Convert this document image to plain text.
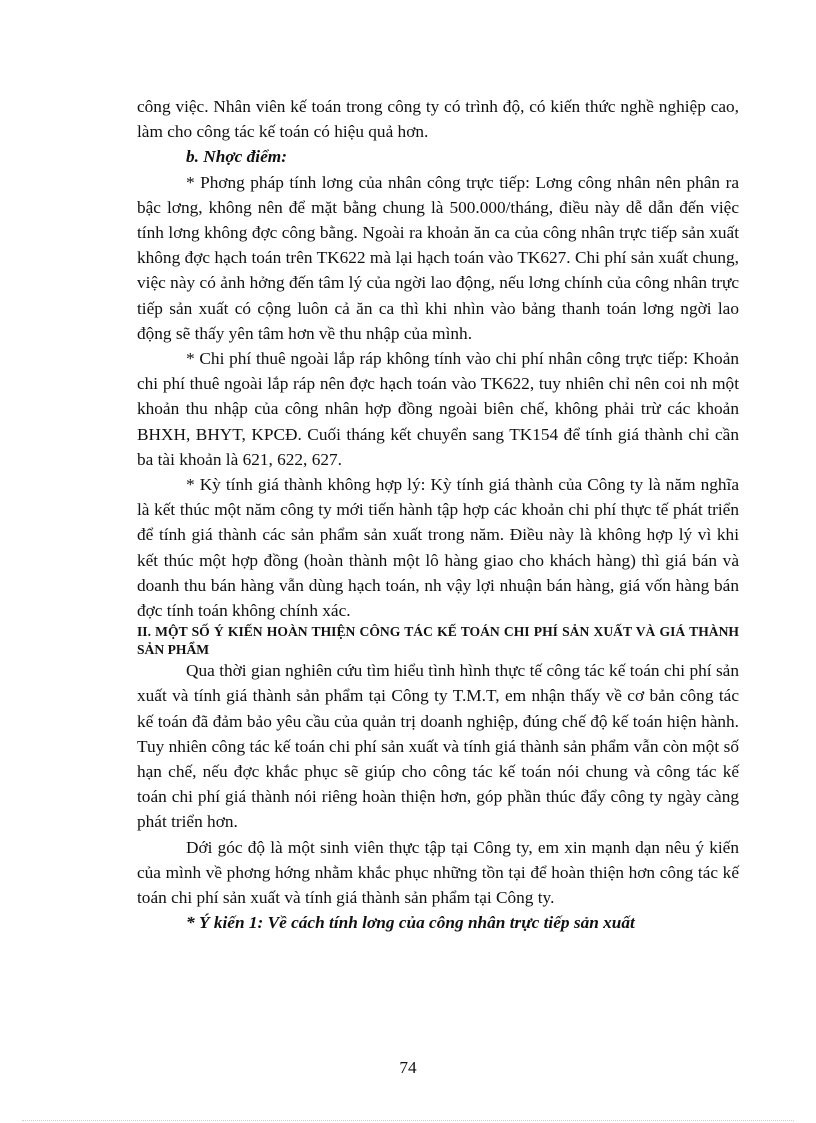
công việc. Nhân viên kế toán trong công ty có trình độ, có kiến thức nghề nghiệp cao, làm cho công tác kế toán có hiệu quả hơn.

b. Nhợc điểm:

* Phơng pháp tính lơng của nhân công trực tiếp: Lơng công nhân nên phân ra bậc lơng, không nên để mặt bằng chung là 500.000/tháng, điều này dễ dẫn đến việc tính lơng không đợc công bằng. Ngoài ra khoản ăn ca của công nhân trực tiếp sản xuất không đợc hạch toán trên TK622 mà lại hạch toán vào TK627. Chi phí sản xuất chung, việc này có ảnh hởng đến tâm lý của ngời lao động, nếu lơng chính của công nhân trực tiếp sản xuất có cộng luôn cả ăn ca thì khi nhìn vào bảng thanh toán lơng ngời lao động sẽ thấy yên tâm hơn về thu nhập của mình.

* Chi phí thuê ngoài lắp ráp không tính vào chi phí nhân công trực tiếp: Khoản chi phí thuê ngoài lắp ráp nên đợc hạch toán vào TK622, tuy nhiên chỉ nên coi nh một khoản thu nhập của công nhân hợp đồng ngoài biên chế, không phải trừ các khoản BHXH, BHYT, KPCĐ. Cuối tháng kết chuyển sang TK154 để tính giá thành chỉ cần ba tài khoản là 621, 622, 627.

* Kỳ tính giá thành không hợp lý: Kỳ tính giá thành của Công ty là năm nghĩa là kết thúc một năm công ty mới tiến hành tập hợp các khoản chi phí thực tế phát triển để tính giá thành các sản phẩm sản xuất trong năm. Điều này là không hợp lý vì khi kết thúc một hợp đồng (hoàn thành một lô hàng giao cho khách hàng) thì giá bán và doanh thu bán hàng vẫn dùng hạch toán, nh vậy lợi nhuận bán hàng, giá vốn hàng bán đợc tính toán không chính xác.

II. MỘT SỐ Ý KIẾN HOÀN THIỆN CÔNG TÁC KẾ TOÁN CHI PHÍ SẢN XUẤT VÀ GIÁ THÀNH SẢN PHẨM

Qua thời gian nghiên cứu tìm hiểu tình hình thực tế công tác kế toán chi phí sản xuất và tính giá thành sản phẩm tại Công ty T.M.T, em nhận thấy về cơ bản công tác kế toán đã đảm bảo yêu cầu của quản trị doanh nghiệp, đúng chế độ kế toán hiện hành. Tuy nhiên công tác kế toán chi phí sản xuất và tính giá thành sản phẩm vẫn còn một số hạn chế, nếu đợc khắc phục sẽ giúp cho công tác kế toán nói chung và công tác kế toán chi phí giá thành nói riêng hoàn thiện hơn, góp phần thúc đẩy công ty ngày càng phát triển hơn.

Dới góc độ là một sinh viên thực tập tại Công ty, em xin mạnh dạn nêu ý kiến của mình về phơng hớng nhằm khắc phục những tồn tại để hoàn thiện hơn công tác kế toán chi phí sản xuất và tính giá thành sản phẩm tại Công ty.

* Ý kiến 1: Về cách tính lơng của công nhân trực tiếp sản xuất

74
